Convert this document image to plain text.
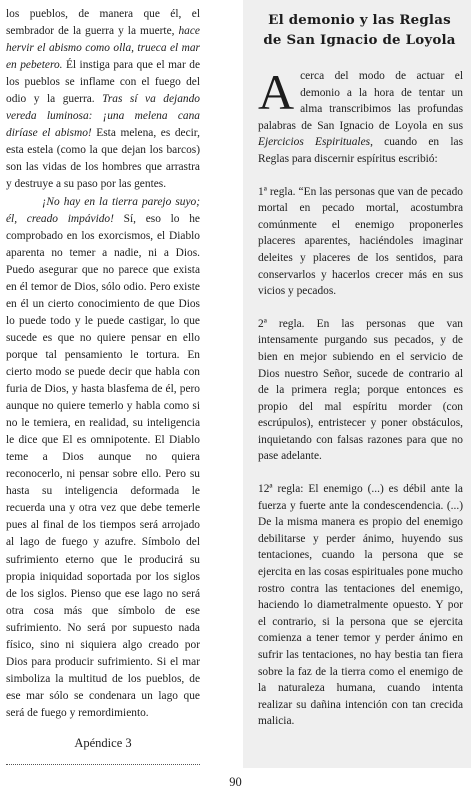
los pueblos, de manera que él, el sembrador de la guerra y la muerte, hace hervir el abismo como olla, trueca el mar en pebetero. Él instiga para que el mar de los pueblos se inflame con el fuego del odio y la guerra. Tras sí va dejando vereda luminosa: ¡una melena cana diríase el abismo! Esta melena, es decir, esta estela (como la que dejan los barcos) son las vidas de los hombres que arrastra y destruye a su paso por las gentes.

¡No hay en la tierra parejo suyo; él, creado impávido! Sí, eso lo he comprobado en los exorcismos, el Diablo aparenta no temer a nadie, ni a Dios. Puedo asegurar que no parece que exista en él temor de Dios, sólo odio. Pero existe en él un cierto conocimiento de que Dios lo puede todo y le puede castigar, lo que sucede es que no quiere pensar en ello porque tal pensamiento le tortura. En cierto modo se puede decir que habla con furia de Dios, y hasta blasfema de él, pero aunque no quiere temerlo y habla como si no le temiera, en realidad, su inteligencia le dice que El es omnipotente. El Diablo teme a Dios aunque no quiera reconocerlo, ni pensar sobre ello. Pero su hasta su inteligencia deformada le recuerda una y otra vez que debe temerle pues al final de los tiempos será arrojado al lago de fuego y azufre. Símbolo del sufrimiento eterno que le producirá su propia iniquidad soportada por los siglos de los siglos. Pienso que ese lago no será otra cosa más que símbolo de ese sufrimiento. No será por supuesto nada físico, sino ni siquiera algo creado por Dios para producir sufrimiento. Si el mar simboliza la multitud de los pueblos, de ese mar sólo se condenara un lago que será de fuego y remordimiento.

Apéndice 3
El demonio y las Reglas de San Ignacio de Loyola

Acerca del modo de actuar el demonio a la hora de tentar un alma transcribimos las profundas palabras de San Ignacio de Loyola en sus Ejercicios Espirituales, cuando en las Reglas para discernir espíritus escribió:

1ª regla. “En las personas que van de pecado mortal en pecado mortal, acostumbra comúnmente el enemigo proponerles placeres aparentes, haciéndoles imaginar deleites y placeres de los sentidos, para conservarlos y hacerlos crecer más en sus vicios y pecados.

2ª regla. En las personas que van intensamente purgando sus pecados, y de bien en mejor subiendo en el servicio de Dios nuestro Señor, sucede de contrario al de la primera regla; porque entonces es propio del mal espíritu morder (con escrúpulos), entristecer y poner obstáculos, inquietando con falsas razones para que no pase adelante.

12ª regla: El enemigo (...) es débil ante la fuerza y fuerte ante la condescendencia. (...) De la misma manera es propio del enemigo debilitarse y perder ánimo, huyendo sus tentaciones, cuando la persona que se ejercita en las cosas espirituales pone mucho rostro contra las tentaciones del enemigo, haciendo lo diametralmente opuesto. Y por el contrario, si la persona que se ejercita comienza a tener temor y perder ánimo en sufrir las tentaciones, no hay bestia tan fiera sobre la faz de la tierra como el enemigo de la naturaleza humana, cuando intenta realizar su dañina intención con tan crecida malicia.

90
